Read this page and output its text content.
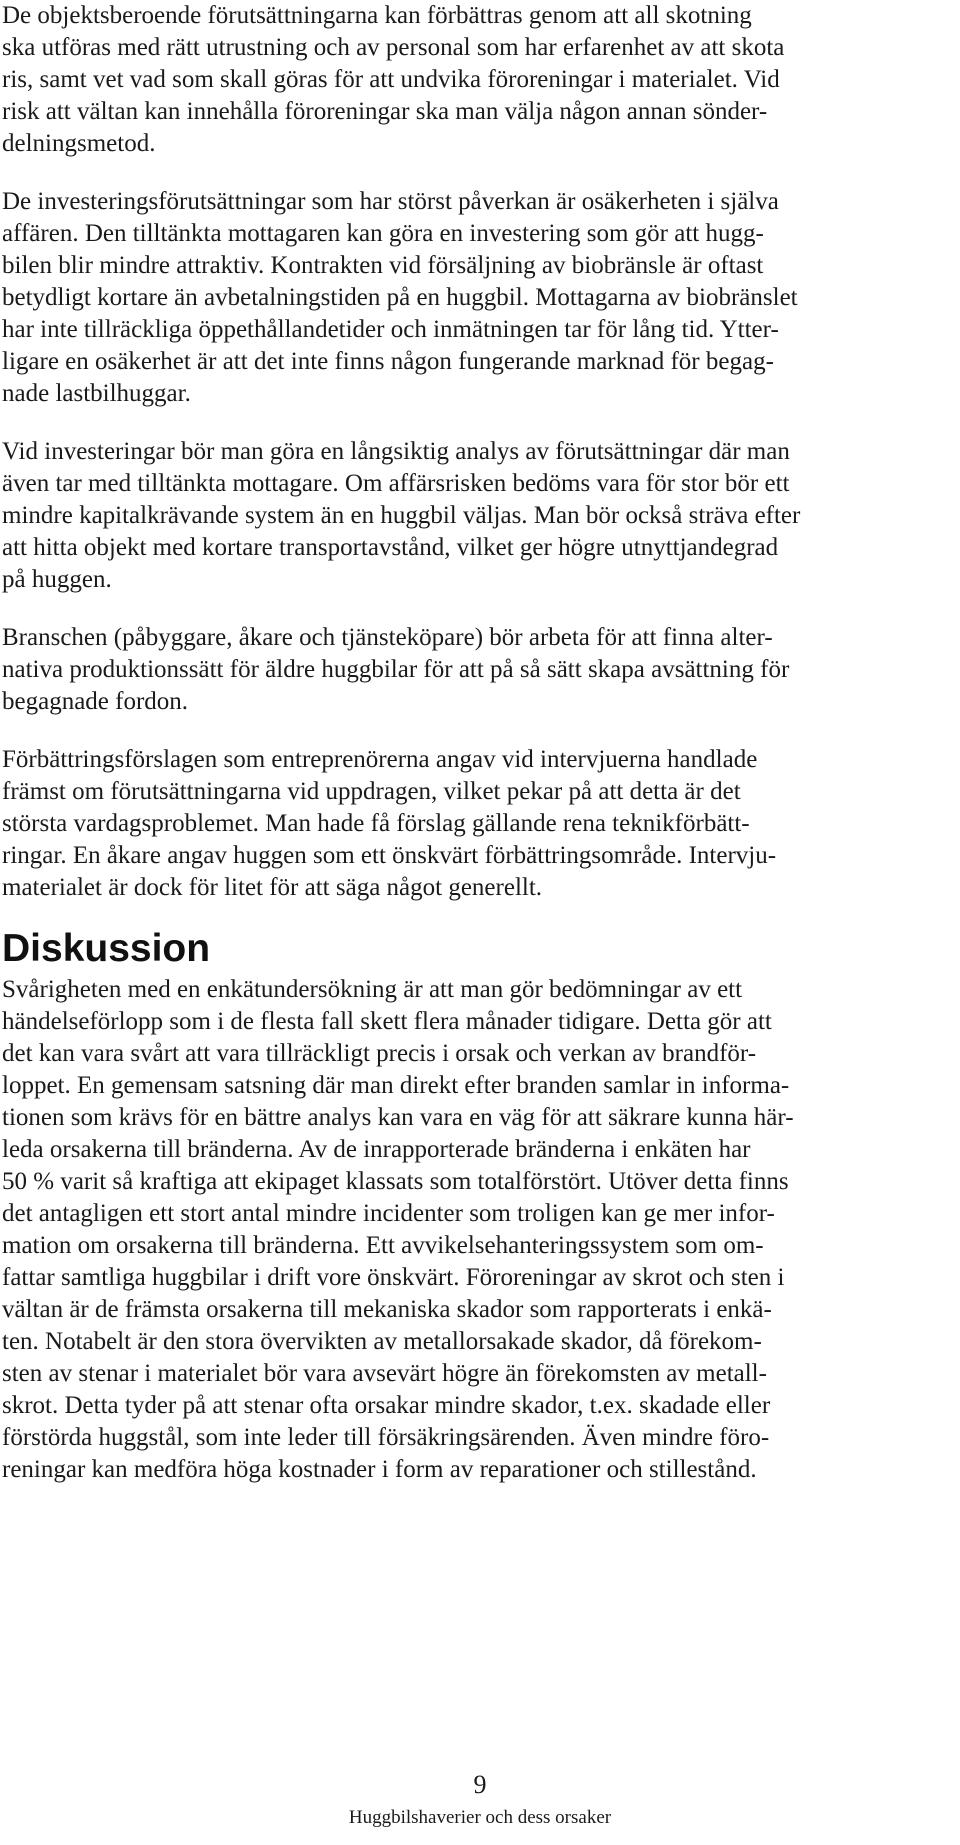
De objektsberoende förutsättningarna kan förbättras genom att all skotning
ska utföras med rätt utrustning och av personal som har erfarenhet av att skota
ris, samt vet vad som skall göras för att undvika föroreningar i materialet. Vid
risk att vältan kan innehålla föroreningar ska man välja någon annan sönder-
delningsmetod.

De investeringsförutsättningar som har störst påverkan är osäkerheten i själva
affären. Den tilltänkta mottagaren kan göra en investering som gör att hugg-
bilen blir mindre attraktiv. Kontrakten vid försäljning av biobränsle är oftast
betydligt kortare än avbetalningstiden på en huggbil. Mottagarna av biobränslet
har inte tillräckliga öppethållandetider och inmätningen tar för lång tid. Ytter-
ligare en osäkerhet är att det inte finns någon fungerande marknad för begag-
nade lastbilhuggar.

Vid investeringar bör man göra en långsiktig analys av förutsättningar där man
även tar med tilltänkta mottagare. Om affärsrisken bedöms vara för stor bör ett
mindre kapitalkrävande system än en huggbil väljas. Man bör också sträva efter
att hitta objekt med kortare transportavstånd, vilket ger högre utnyttjandegrad
på huggen.

Branschen (påbyggare, åkare och tjänsteköpare) bör arbeta för att finna alter-
nativa produktionssätt för äldre huggbilar för att på så sätt skapa avsättning för
begagnade fordon.

Förbättringsförslagen som entreprenörerna angav vid intervjuerna handlade
främst om förutsättningarna vid uppdragen, vilket pekar på att detta är det
största vardagsproblemet. Man hade få förslag gällande rena teknikförbätt-
ringar. En åkare angav huggen som ett önskvärt förbättringsområde. Intervju-
materialet är dock för litet för att säga något generellt.

Diskussion

Svårigheten med en enkätundersökning är att man gör bedömningar av ett
händelseförlopp som i de flesta fall skett flera månader tidigare. Detta gör att
det kan vara svårt att vara tillräckligt precis i orsak och verkan av brandför-
loppet. En gemensam satsning där man direkt efter branden samlar in informa-
tionen som krävs för en bättre analys kan vara en väg för att säkrare kunna här-
leda orsakerna till bränderna. Av de inrapporterade bränderna i enkäten har
50 % varit så kraftiga att ekipaget klassats som totalförstört. Utöver detta finns
det antagligen ett stort antal mindre incidenter som troligen kan ge mer infor-
mation om orsakerna till bränderna. Ett avvikelsehanteringssystem som om-
fattar samtliga huggbilar i drift vore önskvärt. Föroreningar av skrot och sten i
vältan är de främsta orsakerna till mekaniska skador som rapporterats i enkä-
ten. Notabelt är den stora övervikten av metallorsakade skador, då förekom-
sten av stenar i materialet bör vara avsevärt högre än förekomsten av metall-
skrot. Detta tyder på att stenar ofta orsakar mindre skador, t.ex. skadade eller
förstörda huggstål, som inte leder till försäkringsärenden. Även mindre föro-
reningar kan medföra höga kostnader i form av reparationer och stillestånd.

9
Huggbilshaverier och dess orsaker
